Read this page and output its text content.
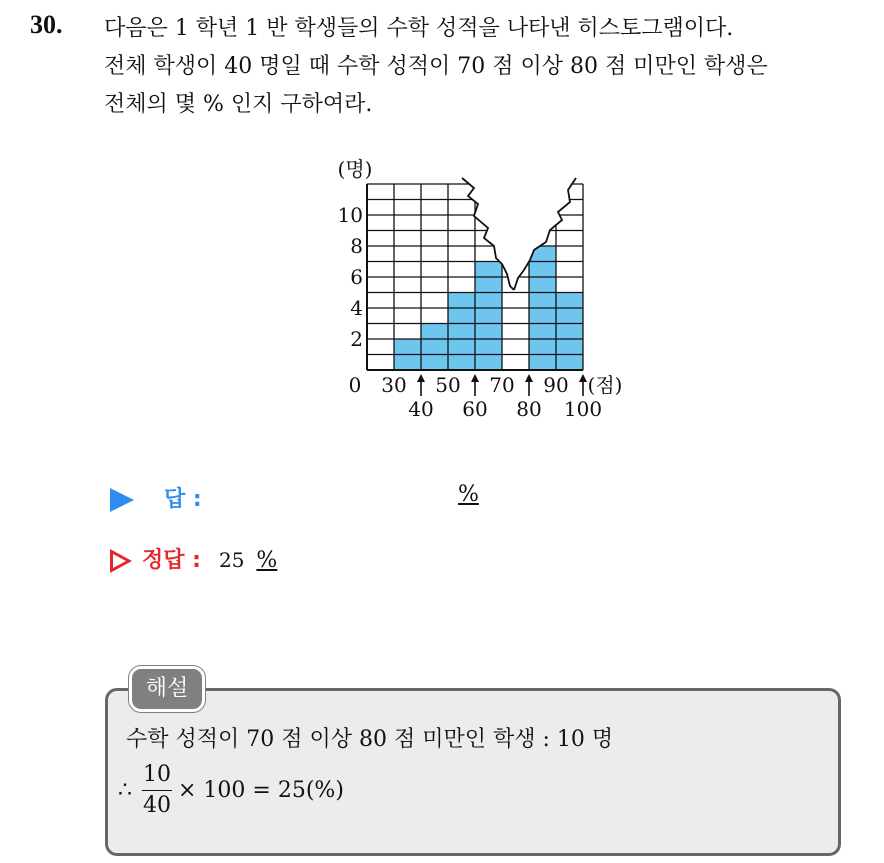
30. 다음은 1 학년 1 반 학생들의 수학 성적을 나타낸 히스토그램이다.
전체 학생이 40 명일 때 수학 성적이 70 점 이상 80 점 미만인 학생은
전체의 몇 % 인지 구하여라.
2
4
6
8
10
(명)
0 30 50 70 90 (점)
40 60 80 100
답 :	%
정답 : 25 %
해설
수학 성적이 70 점 이상 80 점 미만인 학생 : 10 명
∴ $\frac{10}{40} \times 100 = 25(\%)$
